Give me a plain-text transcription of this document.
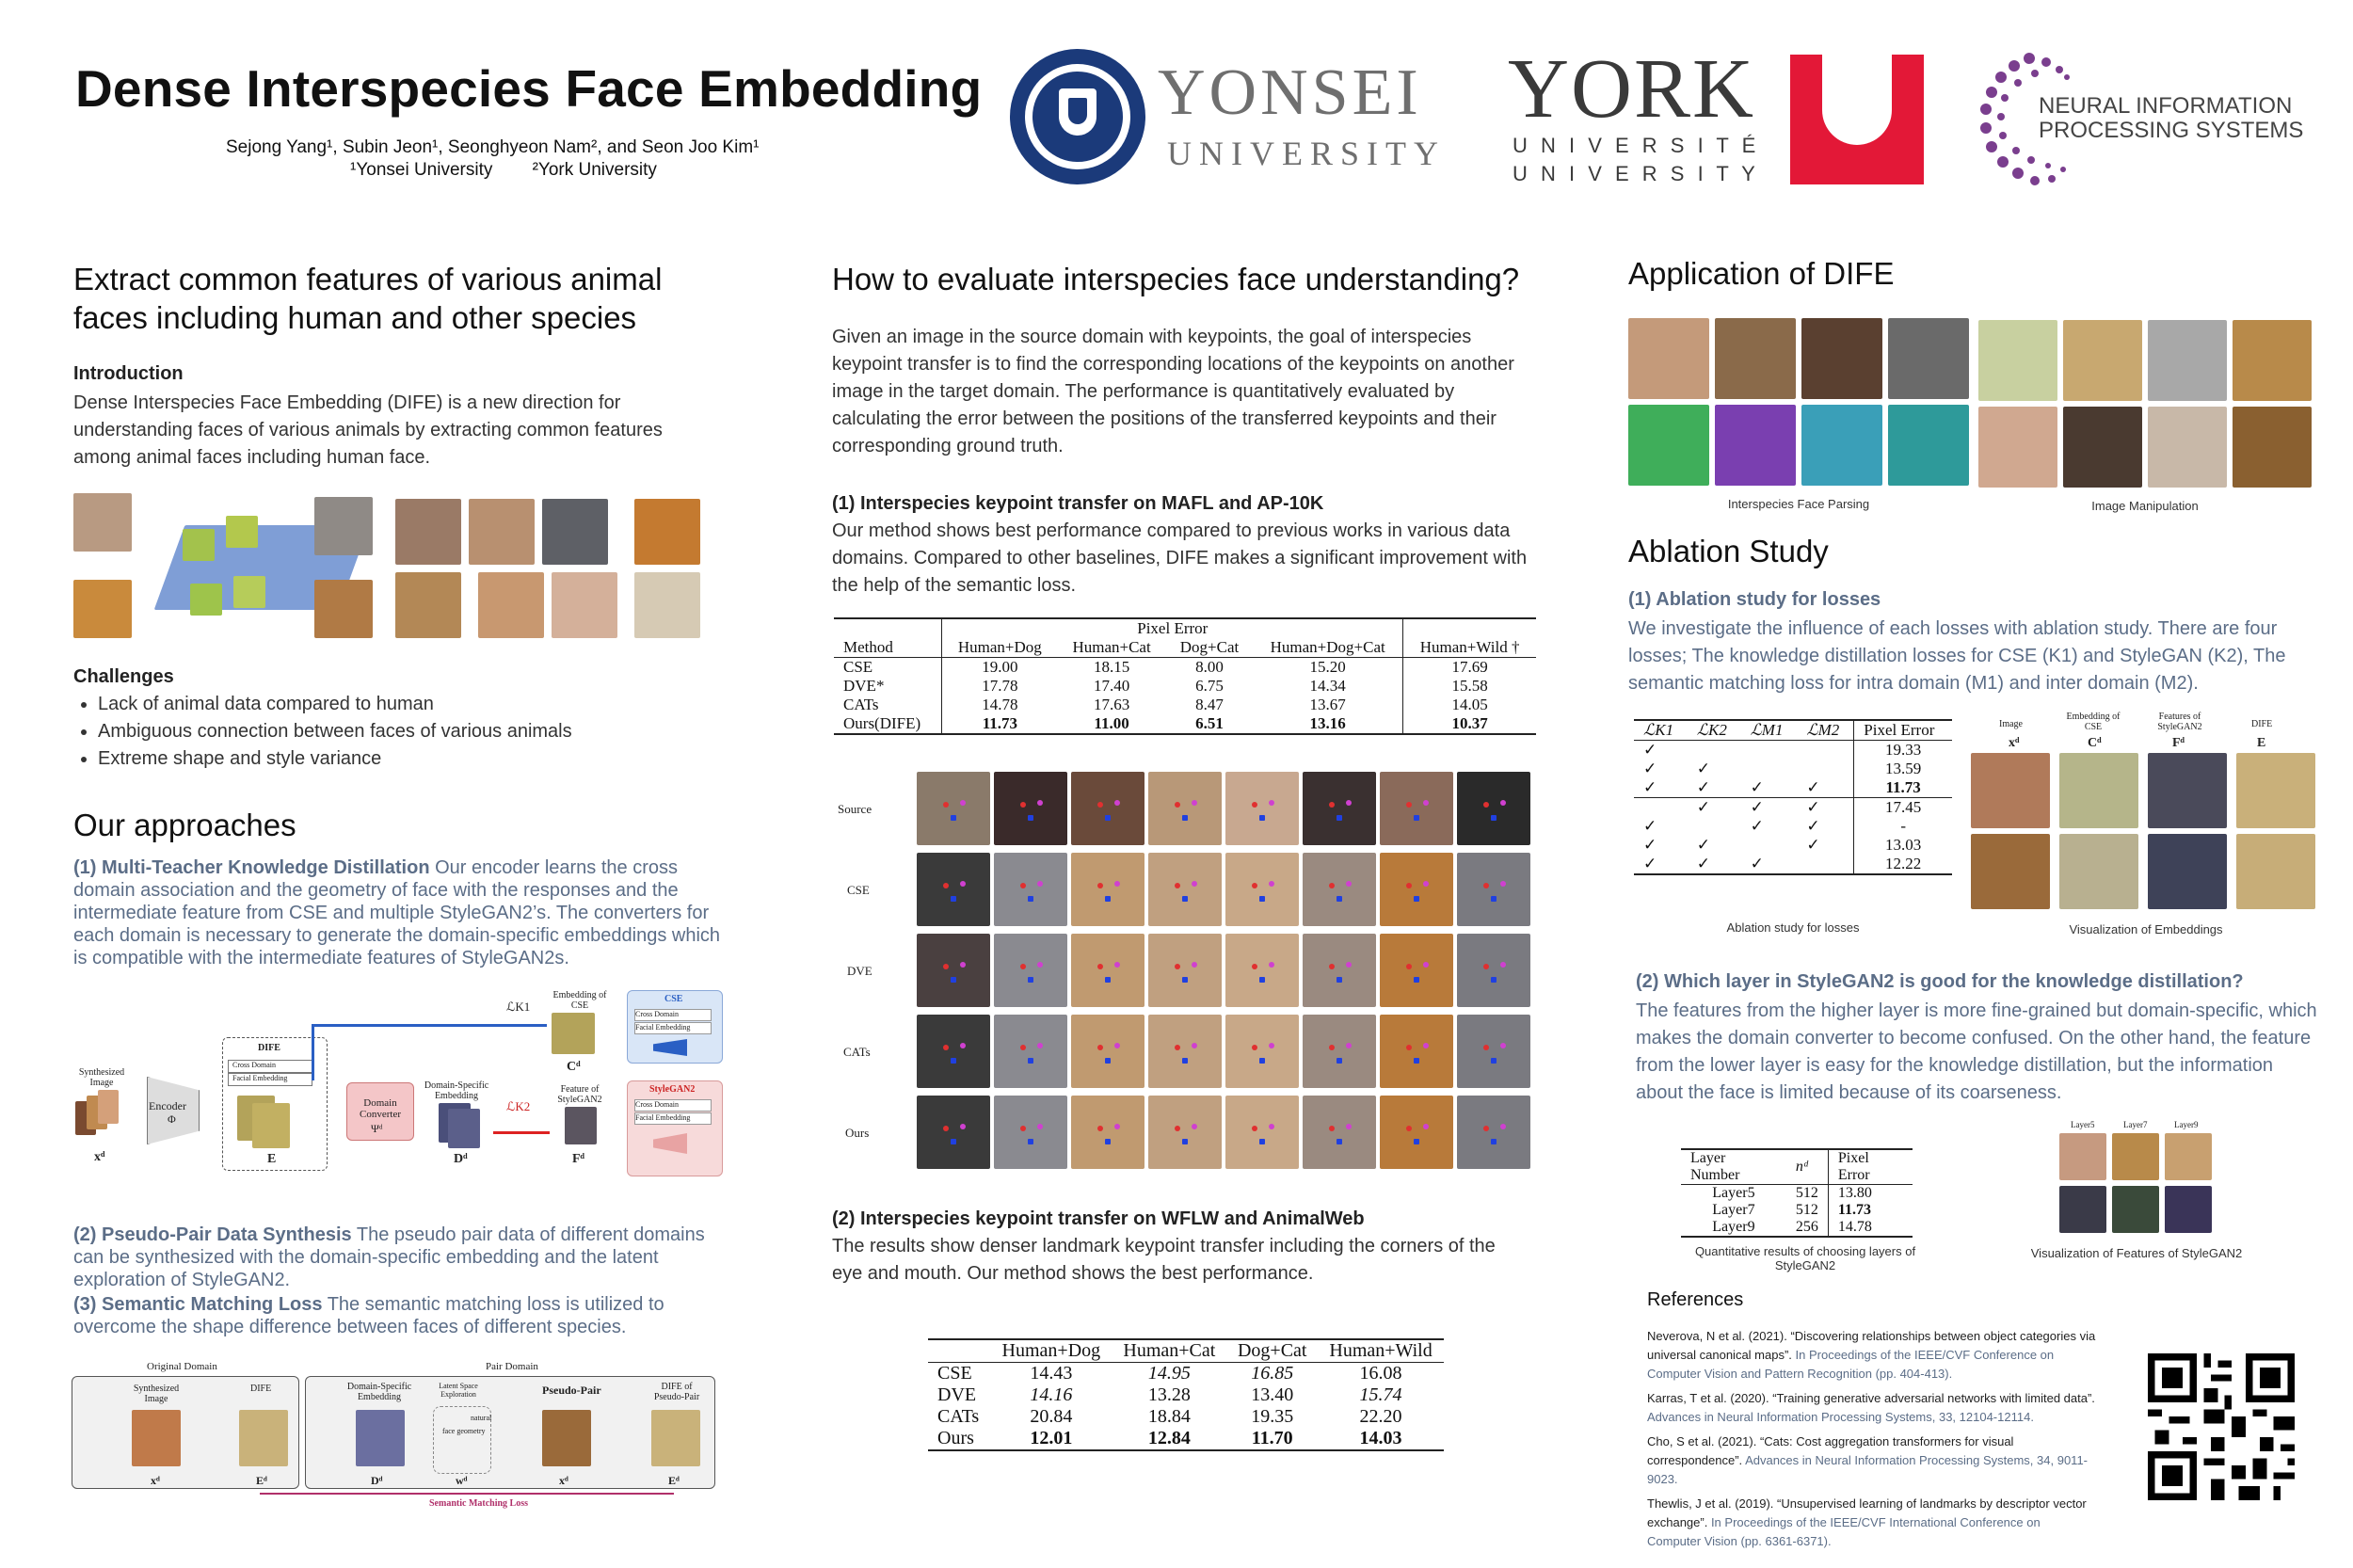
Dense Interspecies Face Embedding
Sejong Yang¹, Subin Jeon¹, Seonghyeon Nam², and Seon Joo Kim¹
¹Yonsei University        ²York University
YONSEI
UNIVERSITY
YORK
U N I V E R S I T É
U N I V E R S I T Y
NEURAL INFORMATION
PROCESSING SYSTEMS
Extract common features of various animal faces including human and other species
Introduction
Dense Interspecies Face Embedding (DIFE) is a new direction for understanding faces of various animals by extracting common features among animal faces including human face.
Challenges
• Lack of animal data compared to human
• Ambiguous connection between faces of various animals
• Extreme shape and style variance
Our approaches
(1) Multi-Teacher Knowledge Distillation Our encoder learns the cross domain association and the geometry of face with the responses and the intermediate feature from CSE and multiple StyleGAN2’s. The converters for each domain is necessary to generate the domain-specific embeddings which is compatible with the intermediate features of StyleGAN2s.
Synthesized Image
xᵈ
Encoder
Φ
DIFE
Cross Domain
Facial Embedding
E
Domain Converter
Ψᵈ
Domain-Specific Embedding
Dᵈ
ℒK2
Feature of StyleGAN2
Fᵈ
Embedding of CSE
Cᵈ
ℒK1
CSE
Cross Domain
Facial Embedding
StyleGAN2
Cross Domain
Facial Embedding
(2) Pseudo-Pair Data Synthesis The pseudo pair data of different domains can be synthesized with the domain-specific embedding and the latent exploration of StyleGAN2.
(3) Semantic Matching Loss The semantic matching loss is utilized to overcome the shape difference between faces of different species.
Original Domain	Pair Domain
Synthesized Image
xᵈ
DIFE
Eᵈ
Domain-Specific Embedding
Dᵈ
Latent Space Exploration
face geometry
natural
wᵈ
Pseudo-Pair
xᵈ
DIFE of Pseudo-Pair
Eᵈ
Semantic Matching Loss
How to evaluate interspecies face understanding?
Given an image in the source domain with keypoints, the goal of interspecies keypoint transfer is to find the corresponding locations of the keypoints on another image in the target domain. The performance is quantitatively evaluated by calculating the error between the positions of the transferred keypoints and their corresponding ground truth.
(1) Interspecies keypoint transfer on MAFL and AP-10K
Our method shows best performance compared to previous works in various data domains. Compared to other baselines, DIFE makes a significant improvement with the help of the semantic loss.
Method	Pixel Error				
	Human+Dog	Human+Cat	Dog+Cat	Human+Dog+Cat	Human+Wild †
CSE	19.00	18.15	8.00	15.20	17.69
DVE*	17.78	17.40	6.75	14.34	15.58
CATs	14.78	17.63	8.47	13.67	14.05
Ours(DIFE)	11.73	11.00	6.51	13.16	10.37
Source
CSE
DVE
CATs
Ours
(2) Interspecies keypoint transfer on WFLW and AnimalWeb
The results show denser landmark keypoint transfer including the corners of the eye and mouth. Our method shows the best performance.
	Human+Dog	Human+Cat	Dog+Cat	Human+Wild
CSE	14.43	14.95	16.85	16.08
DVE	14.16	13.28	13.40	15.74
CATs	20.84	18.84	19.35	22.20
Ours	12.01	12.84	11.70	14.03
Application of DIFE
Interspecies Face Parsing	Image Manipulation
Ablation Study
(1) Ablation study for losses
We investigate the influence of each losses with ablation study. There are four losses; The knowledge distillation losses for CSE (K1) and StyleGAN (K2), The semantic matching loss for intra domain (M1) and inter domain (M2).
ℒK1	ℒK2	ℒM1	ℒM2	Pixel Error
✓				19.33
✓	✓			13.59
✓	✓	✓	✓	11.73
	✓	✓	✓	17.45
✓		✓	✓	-
✓	✓		✓	13.03
✓	✓	✓		12.22
Ablation study for losses
Image
Embedding of CSE
Features of StyleGAN2	DIFE
xᵈ	Cᵈ	Fᵈ	E
Visualization of Embeddings
(2) Which layer in StyleGAN2 is good for the knowledge distillation?
The features from the higher layer is more fine-grained but domain-specific, which makes the domain converter to become confused. On the other hand, the feature from the lower layer is easy for the knowledge distillation, but the information about the face is limited because of its coarseness.
Layer Number	nᵈ	Pixel Error
Layer5	512	13.80
Layer7	512	11.73
Layer9	256	14.78
Quantitative results of choosing layers of StyleGAN2
Layer5	Layer7	Layer9
Visualization of Features of StyleGAN2
References
Neverova, N et al. (2021). “Discovering relationships between object categories via universal canonical maps”. In Proceedings of the IEEE/CVF Conference on Computer Vision and Pattern Recognition (pp. 404-413).
Karras, T et al. (2020). “Training generative adversarial networks with limited data”. Advances in Neural Information Processing Systems, 33, 12104-12114.
Cho, S et al. (2021). “Cats: Cost aggregation transformers for visual correspondence”. Advances in Neural Information Processing Systems, 34, 9011-9023.
Thewlis, J et al. (2019). “Unsupervised learning of landmarks by descriptor vector exchange”. In Proceedings of the IEEE/CVF International Conference on Computer Vision (pp. 6361-6371).
